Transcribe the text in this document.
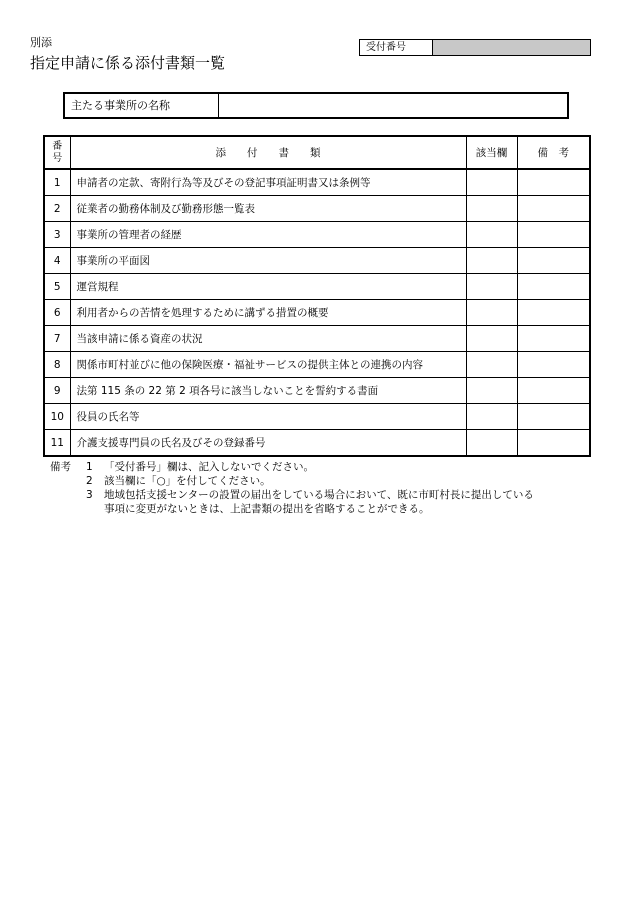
別添
指定申請に係る添付書類一覧
受付番号
主たる事業所の名称
番
号	添　　付　　書　　類	該当欄	備　考
1	申請者の定款、寄附行為等及びその登記事項証明書又は条例等		
2	従業者の勤務体制及び勤務形態一覧表		
3	事業所の管理者の経歴		
4	事業所の平面図		
5	運営規程		
6	利用者からの苦情を処理するために講ずる措置の概要		
7	当該申請に係る資産の状況		
8	関係市町村並びに他の保険医療・福祉サービスの提供主体との連携の内容		
9	法第 115 条の 22 第 2 項各号に該当しないことを誓約する書面		
10	役員の氏名等		
11	介護支援専門員の氏名及びその登録番号		
備考 1 「受付番号」欄は、記入しないでください。
2 該当欄に「○」を付してください。
3 地域包括支援センターの設置の届出をしている場合において、既に市町村長に提出している
事項に変更がないときは、上記書類の提出を省略することができる。
